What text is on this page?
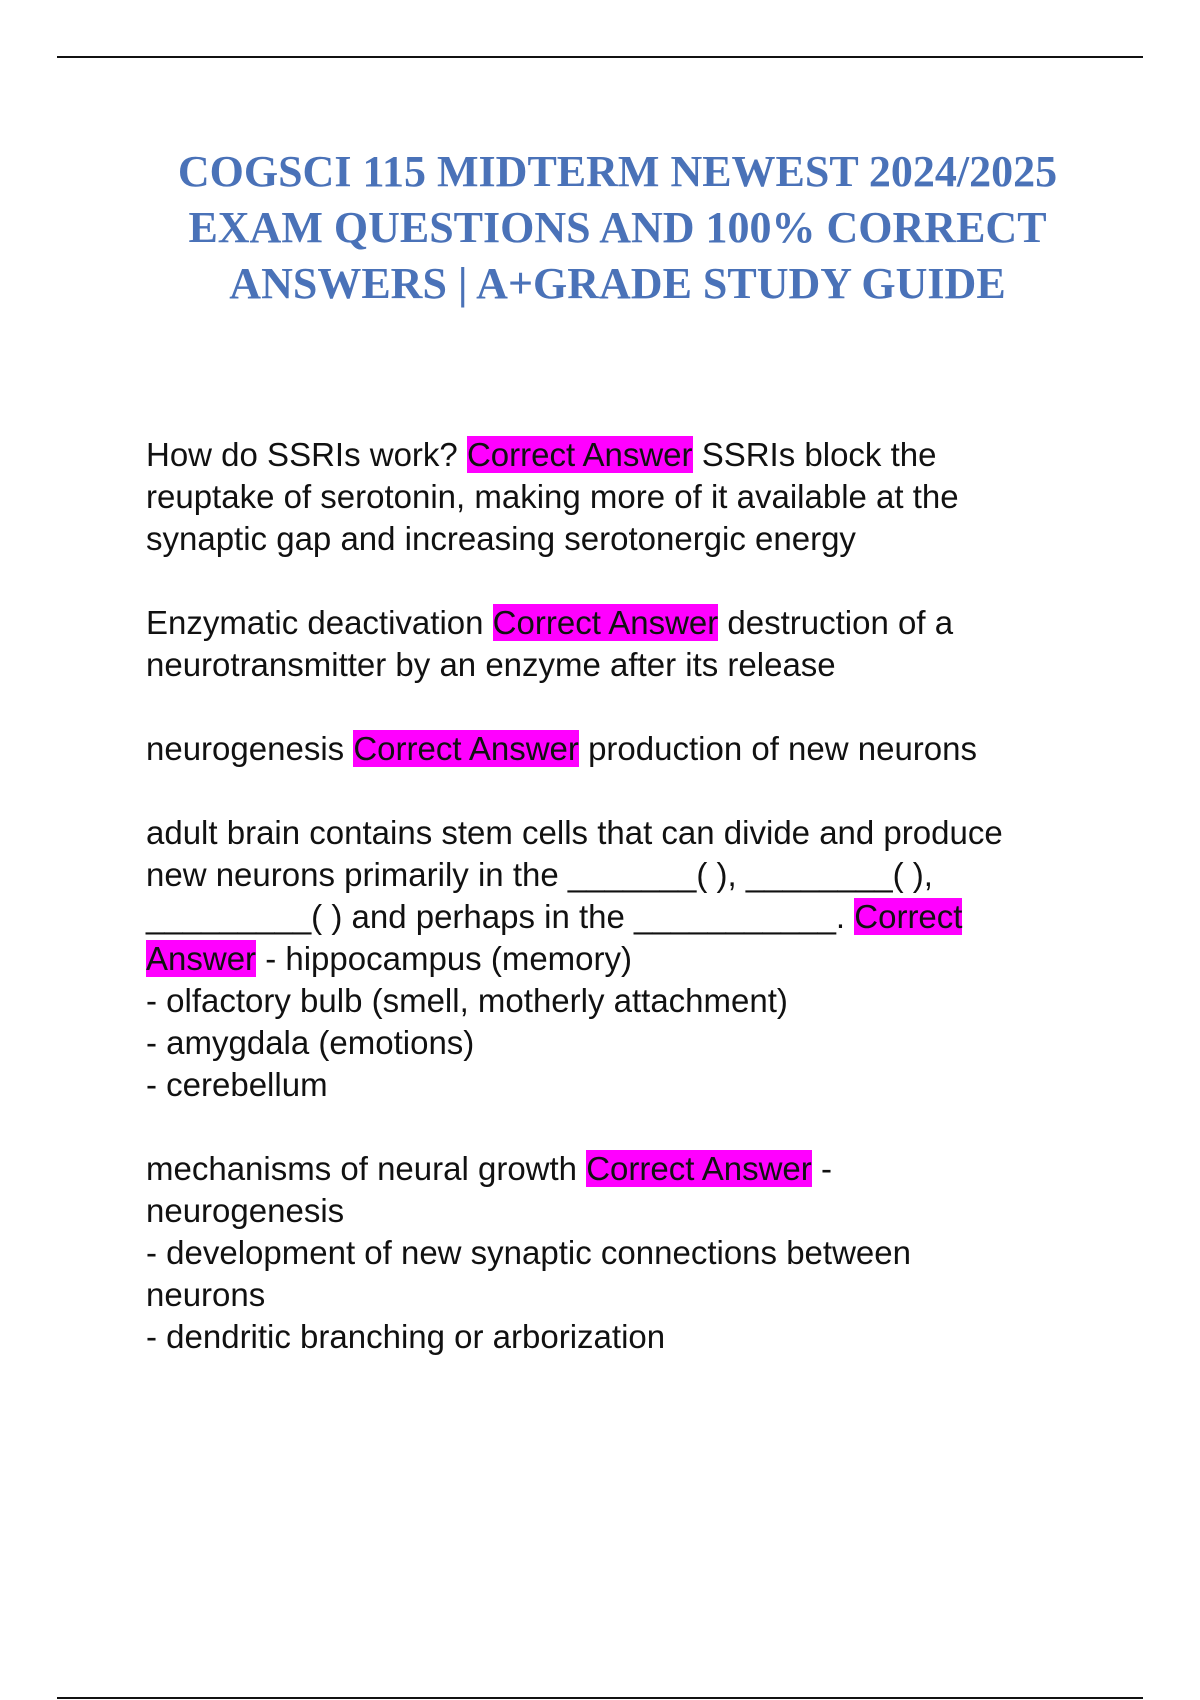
COGSCI 115 MIDTERM NEWEST 2024/2025 EXAM QUESTIONS AND 100% CORRECT ANSWERS | A+GRADE STUDY GUIDE

How do SSRIs work? Correct Answer SSRIs block the
reuptake of serotonin, making more of it available at the
synaptic gap and increasing serotonergic energy

Enzymatic deactivation Correct Answer destruction of a
neurotransmitter by an enzyme after its release

neurogenesis Correct Answer production of new neurons

adult brain contains stem cells that can divide and produce
new neurons primarily in the _______( ), ________( ),
_________( ) and perhaps in the ___________. Correct
Answer - hippocampus (memory)
- olfactory bulb (smell, motherly attachment)
- amygdala (emotions)
- cerebellum

mechanisms of neural growth Correct Answer -
neurogenesis
- development of new synaptic connections between
neurons
- dendritic branching or arborization
